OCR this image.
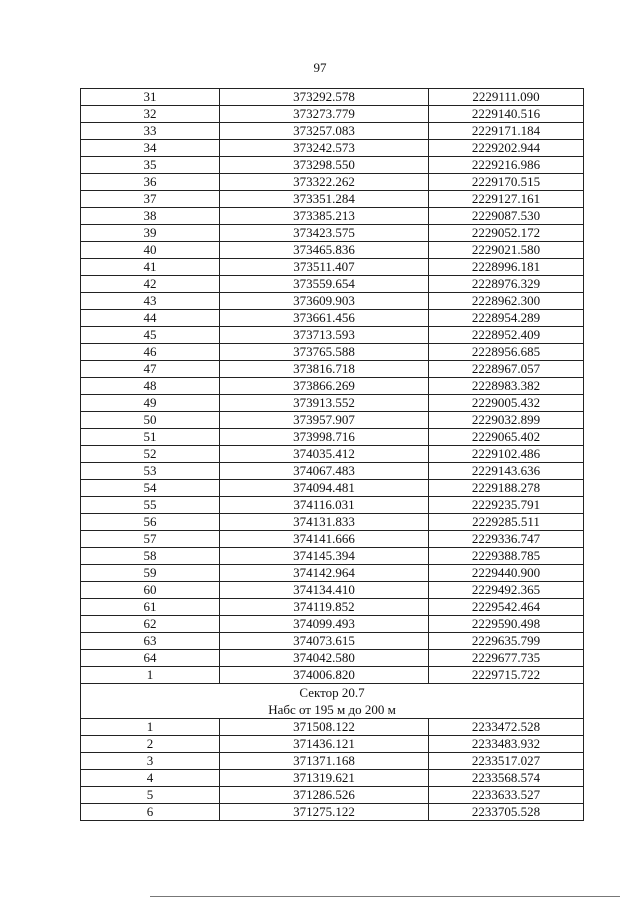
97
31	373292.578	2229111.090
32	373273.779	2229140.516
33	373257.083	2229171.184
34	373242.573	2229202.944
35	373298.550	2229216.986
36	373322.262	2229170.515
37	373351.284	2229127.161
38	373385.213	2229087.530
39	373423.575	2229052.172
40	373465.836	2229021.580
41	373511.407	2228996.181
42	373559.654	2228976.329
43	373609.903	2228962.300
44	373661.456	2228954.289
45	373713.593	2228952.409
46	373765.588	2228956.685
47	373816.718	2228967.057
48	373866.269	2228983.382
49	373913.552	2229005.432
50	373957.907	2229032.899
51	373998.716	2229065.402
52	374035.412	2229102.486
53	374067.483	2229143.636
54	374094.481	2229188.278
55	374116.031	2229235.791
56	374131.833	2229285.511
57	374141.666	2229336.747
58	374145.394	2229388.785
59	374142.964	2229440.900
60	374134.410	2229492.365
61	374119.852	2229542.464
62	374099.493	2229590.498
63	374073.615	2229635.799
64	374042.580	2229677.735
1	374006.820	2229715.722

Сектор 20.7
Набс от 195 м до 200 м		

1	371508.122	2233472.528
2	371436.121	2233483.932
3	371371.168	2233517.027
4	371319.621	2233568.574
5	371286.526	2233633.527
6	371275.122	2233705.528
